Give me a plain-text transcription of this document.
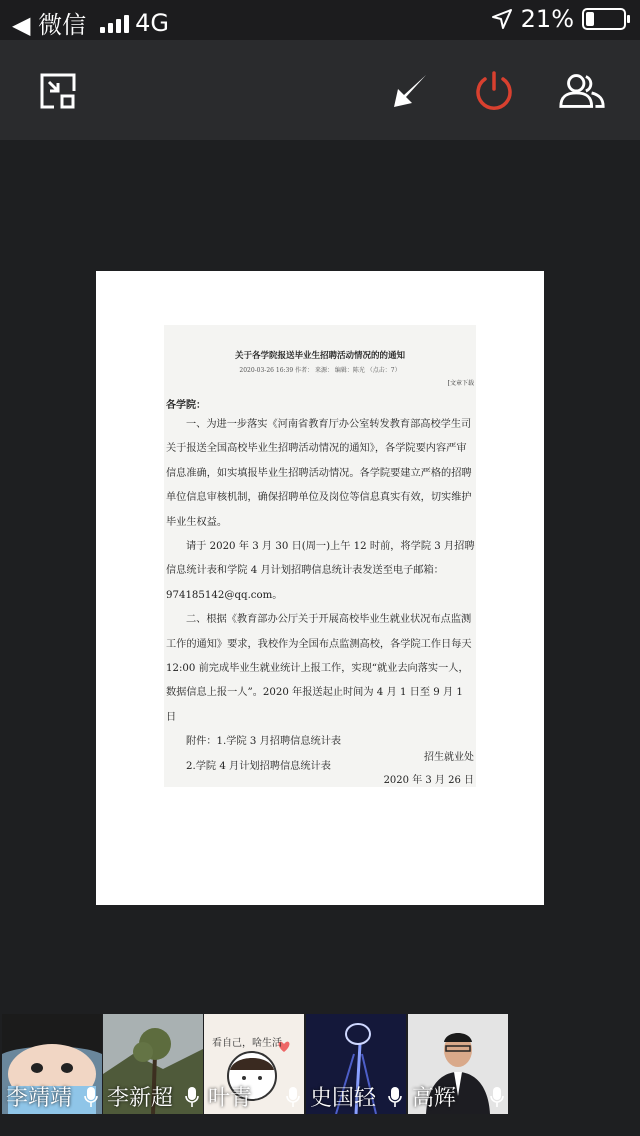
◀ 微信 4G	21%
关于各学院报送毕业生招聘活动情况的的通知
2020-03-26 16:39 作者： 来源： 编辑：陈光 （点击：7）
[文章下载
各学院：

一、为进一步落实《河南省教育厅办公室转发教育部高校学生司关于报送全国高校毕业生招聘活动情况的通知》，各学院要内容严审信息准确，如实填报毕业生招聘活动情况。各学院要建立严格的招聘单位信息审核机制，确保招聘单位及岗位等信息真实有效，切实维护毕业生权益。

请于 2020 年 3 月 30 日(周一)上午 12 时前，将学院 3 月招聘信息统计表和学院 4 月计划招聘信息统计表发送至电子邮箱：974185142@qq.com。

二、根据《教育部办公厅关于开展高校毕业生就业状况布点监测工作的通知》要求，我校作为全国布点监测高校，各学院工作日每天 12:00 前完成毕业生就业统计上报工作，实现“就业去向落实一人，数据信息上报一人”。2020 年报送起止时间为 4 月 1 日至 9 月 1 日

附件：1.学院 3 月招聘信息统计表

2.学院 4 月计划招聘信息统计表

招生就业处
2020 年 3 月 26 日
李靖靖 李新超
看自己，啥生活
叶青	史国轻 高辉
